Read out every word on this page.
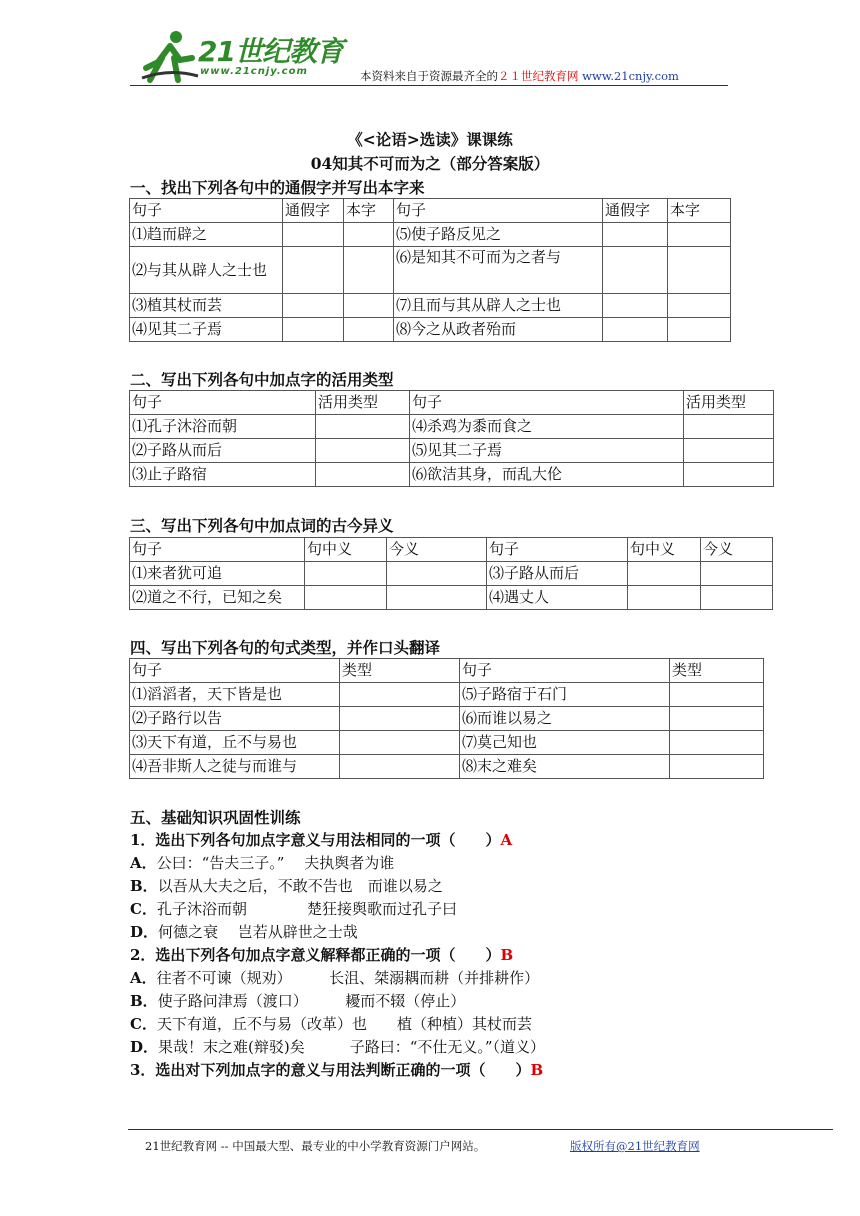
21世纪教育
www.21cnjy.com	本资料来自于资源最齐全的２１世纪教育网 www.21cnjy.com
《<论语>选读》课课练
04知其不可而为之（部分答案版）
一、找出下列各句中的通假字并写出本字来
句子	通假字	本字	句子	通假字	本字
⑴趋而辟之			⑸使子路反见之		
⑵与其从辟人之士也			⑹是知其不可而为之者与		
⑶植其杖而芸			⑺且而与其从辟人之士也		
⑷见其二子焉			⑻今之从政者殆而		
二、写出下列各句中加点字的活用类型
句子	活用类型	句子	活用类型
⑴孔子沐浴而朝		⑷杀鸡为黍而食之	
⑵子路从而后		⑸见其二子焉	
⑶止子路宿		⑹欲洁其身，而乱大伦	
三、写出下列各句中加点词的古今异义
句子	句中义	今义	句子	句中义	今义
⑴来者犹可追			⑶子路从而后		
⑵道之不行，已知之矣			⑷遇丈人		
四、写出下列各句的句式类型，并作口头翻译
句子	类型	句子	类型
⑴滔滔者，天下皆是也		⑸子路宿于石门	
⑵子路行以告		⑹而谁以易之	
⑶天下有道，丘不与易也		⑺莫己知也	
⑷吾非斯人之徒与而谁与		⑻末之难矣	
五、基础知识巩固性训练
1．选出下列各句加点字意义与用法相同的一项（　　）A
A．公曰：“告夫三子。”　 夫执舆者为谁
B．以吾从大夫之后，不敢不告也　而谁以易之
C．孔子沐浴而朝　　　　楚狂接舆歌而过孔子曰
D．何德之衰　 岂若从辟世之士哉
2．选出下列各句加点字意义解释都正确的一项（　　）B
A．往者不可谏（规劝）　　　长沮、桀溺耦而耕（并排耕作）
B．使子路问津焉（渡口）　　　耰而不辍（停止）
C．天下有道，丘不与易（改革）也　　植（种植）其杖而芸
D．果哉！末之难(辩驳)矣　　　子路曰：“不仕无义。”（道义）
3．选出对下列加点字的意义与用法判断正确的一项（　　）B
21世纪教育网 -- 中国最大型、最专业的中小学教育资源门户网站。	版权所有@21世纪教育网
